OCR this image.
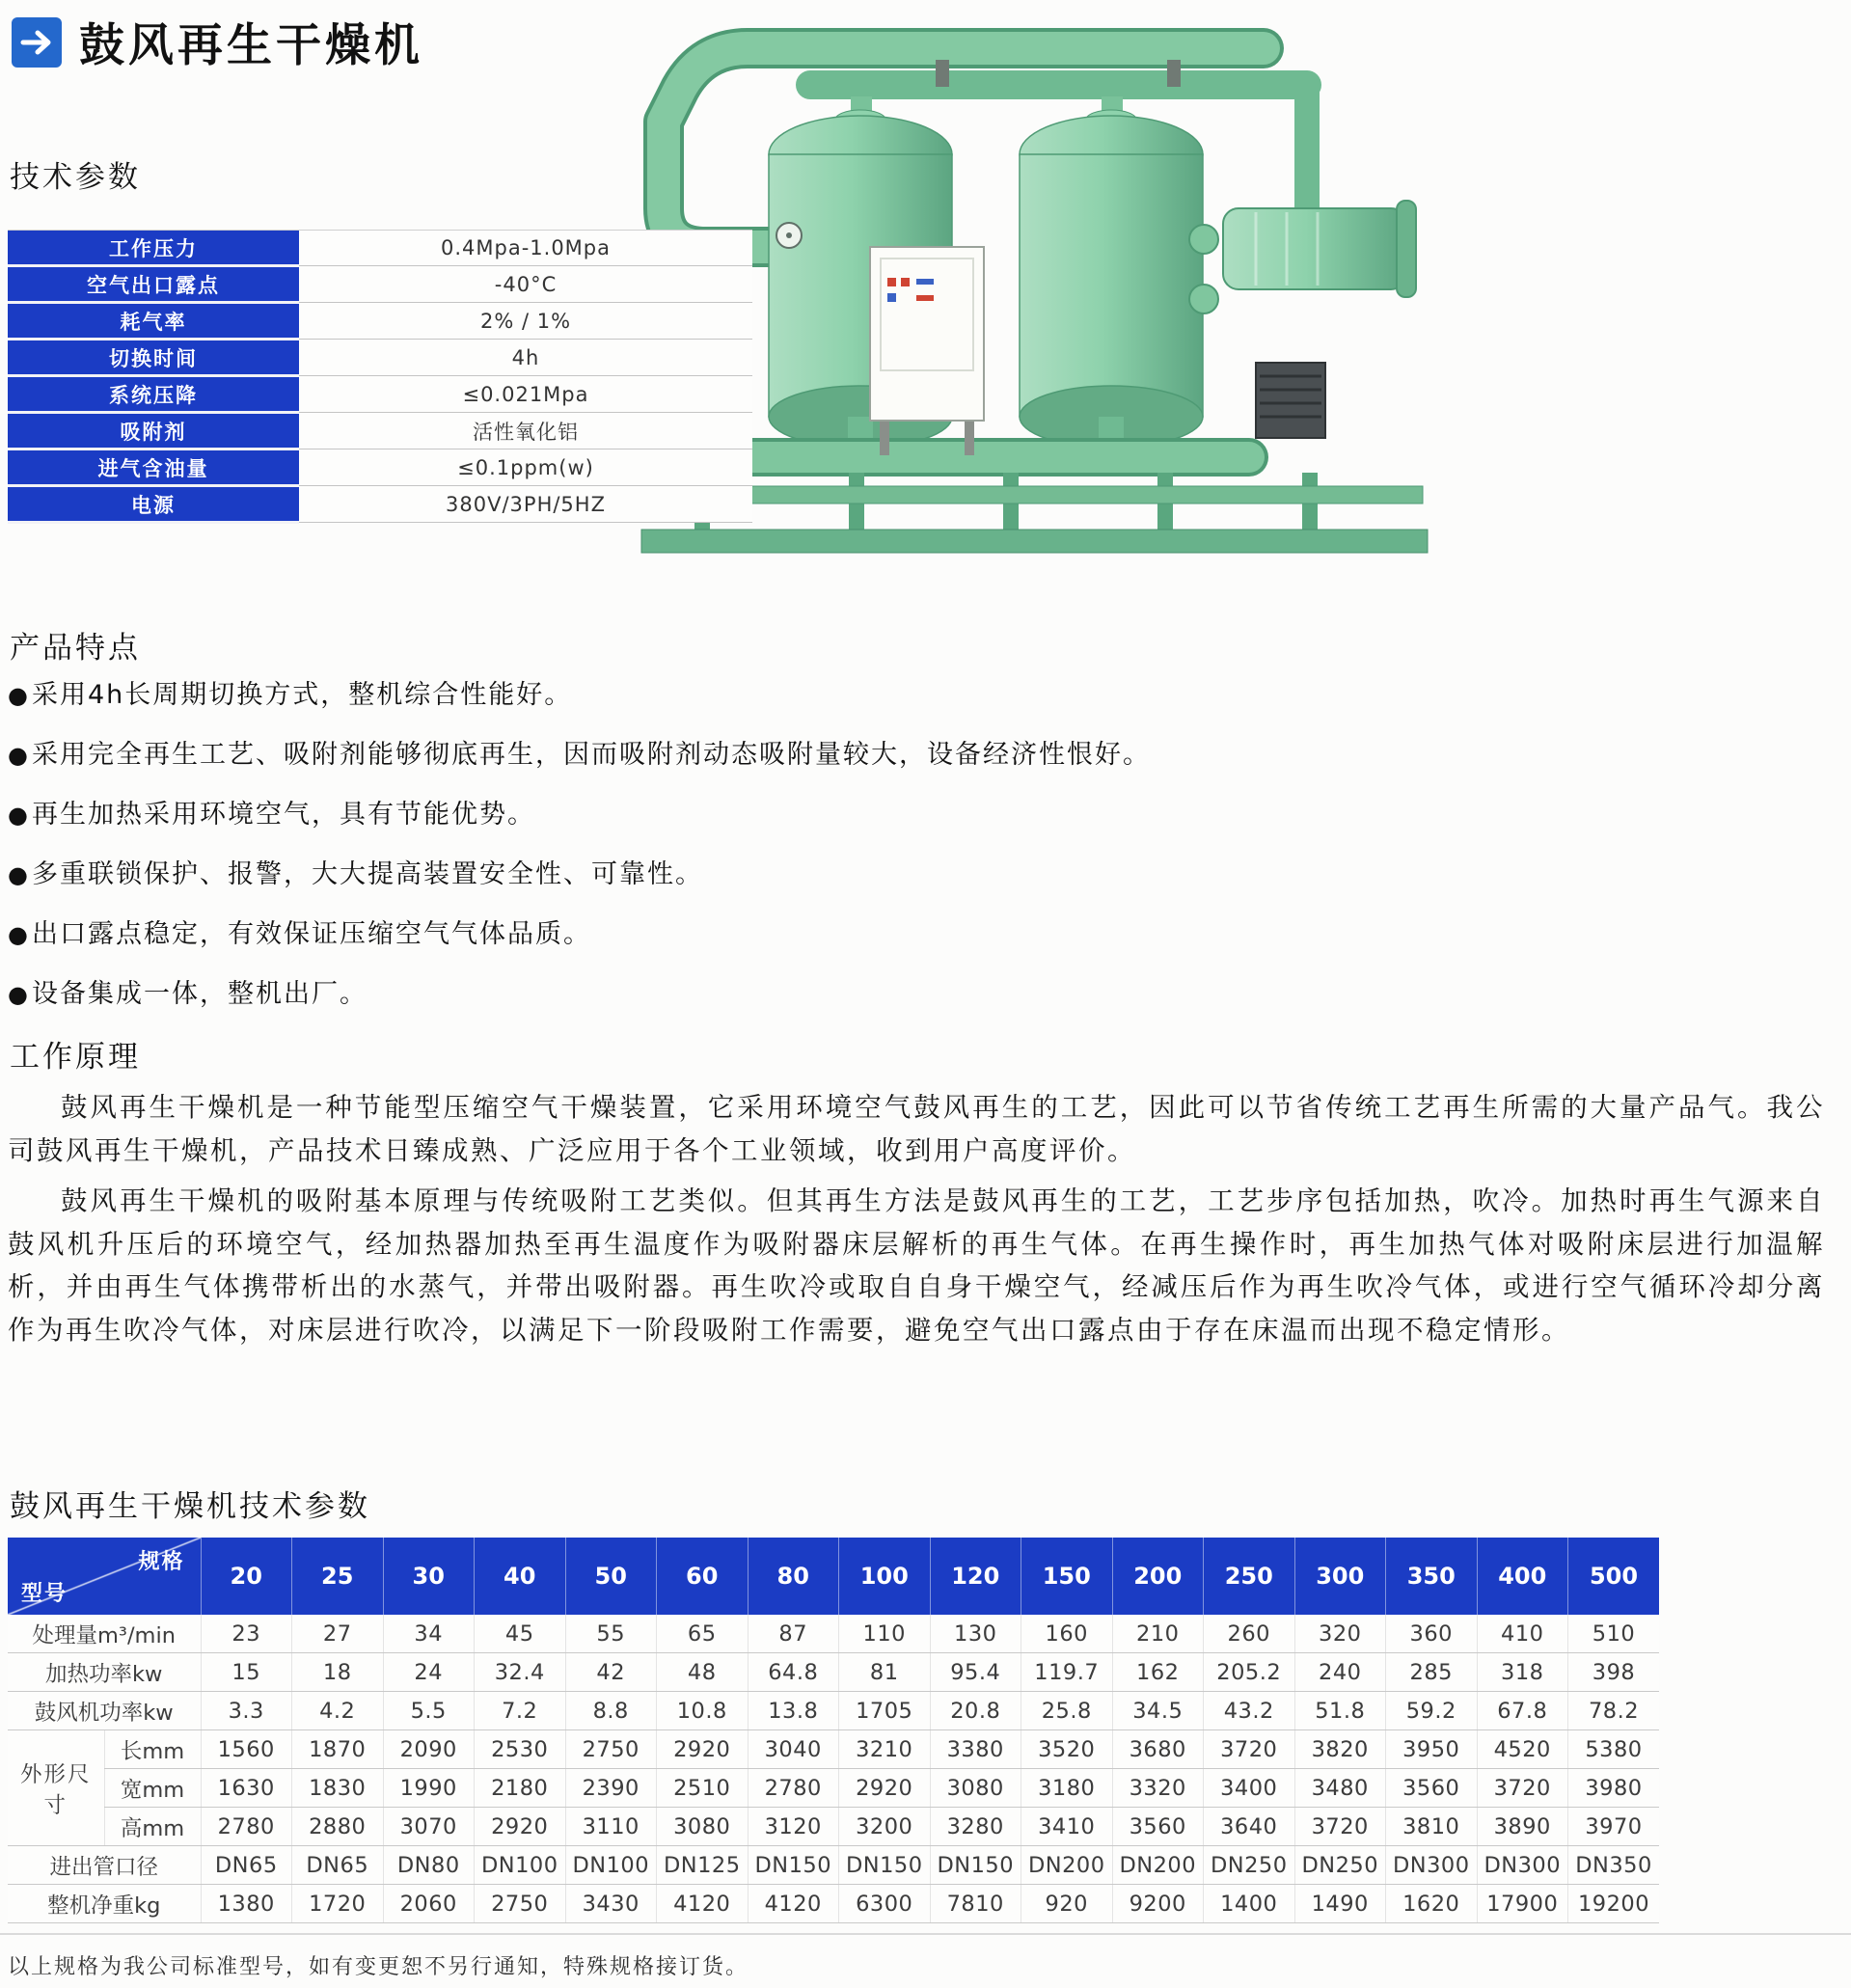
鼓风再生干燥机
技术参数
工作压力	0.4Mpa-1.0Mpa
空气出口露点	-40°C
耗气率	2% / 1%
切换时间	4h
系统压降	≤0.021Mpa
吸附剂	活性氧化铝
进气含油量	≤0.1ppm(w)
电源	380V/3PH/5HZ
产品特点
●采用4h长周期切换方式，整机综合性能好。
●采用完全再生工艺、吸附剂能够彻底再生，因而吸附剂动态吸附量较大，设备经济性恨好。
●再生加热采用环境空气，具有节能优势。
●多重联锁保护、报警，大大提高装置安全性、可靠性。
●出口露点稳定，有效保证压缩空气气体品质。
●设备集成一体，整机出厂。
工作原理

鼓风再生干燥机是一种节能型压缩空气干燥装置，它采用环境空气鼓风再生的工艺，因此可以节省传统工艺再生所需的大量产品气。我公司鼓风再生干燥机，产品技术日臻成熟、广泛应用于各个工业领域，收到用户高度评价。

鼓风再生干燥机的吸附基本原理与传统吸附工艺类似。但其再生方法是鼓风再生的工艺，工艺步序包括加热，吹冷。加热时再生气源来自鼓风机升压后的环境空气，经加热器加热至再生温度作为吸附器床层解析的再生气体。在再生操作时，再生加热气体对吸附床层进行加温解析，并由再生气体携带析出的水蒸气，并带出吸附器。再生吹冷或取自自身干燥空气，经减压后作为再生吹冷气体，或进行空气循环冷却分离作为再生吹冷气体，对床层进行吹冷，以满足下一阶段吸附工作需要，避免空气出口露点由于存在床温而出现不稳定情形。

鼓风再生干燥机技术参数
规格
型号		20	25	30	40	50	60	80	100	120	150	200	250	300	350	400	500
处理量m³/min		23	27	34	45	55	65	87	110	130	160	210	260	320	360	410	510
加热功率kw		15	18	24	32.4	42	48	64.8	81	95.4	119.7	162	205.2	240	285	318	398
鼓风机功率kw		3.3	4.2	5.5	7.2	8.8	10.8	13.8	1705	20.8	25.8	34.5	43.2	51.8	59.2	67.8	78.2
外形尺寸	长mm	1560	1870	2090	2530	2750	2920	3040	3210	3380	3520	3680	3720	3820	3950	4520	5380
	宽mm	1630	1830	1990	2180	2390	2510	2780	2920	3080	3180	3320	3400	3480	3560	3720	3980
	高mm	2780	2880	3070	2920	3110	3080	3120	3200	3280	3410	3560	3640	3720	3810	3890	3970
进出管口径		DN65	DN65	DN80	DN100	DN100	DN125	DN150	DN150	DN150	DN200	DN200	DN250	DN250	DN300	DN300	DN350
整机净重kg		1380	1720	2060	2750	3430	4120	4120	6300	7810	920	9200	1400	1490	1620	17900	19200
以上规格为我公司标准型号，如有变更恕不另行通知，特殊规格接订货。
